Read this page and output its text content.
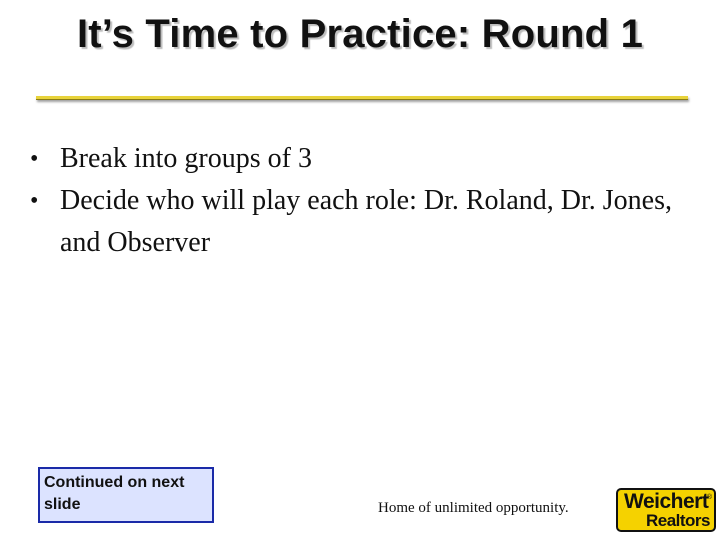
It’s Time to Practice: Round 1
• Break into groups of 3
• Decide who will play each role: Dr. Roland, Dr. Jones, and Observer
Continued on next slide	Home of unlimited opportunity.	Weichert
®
Realtors
